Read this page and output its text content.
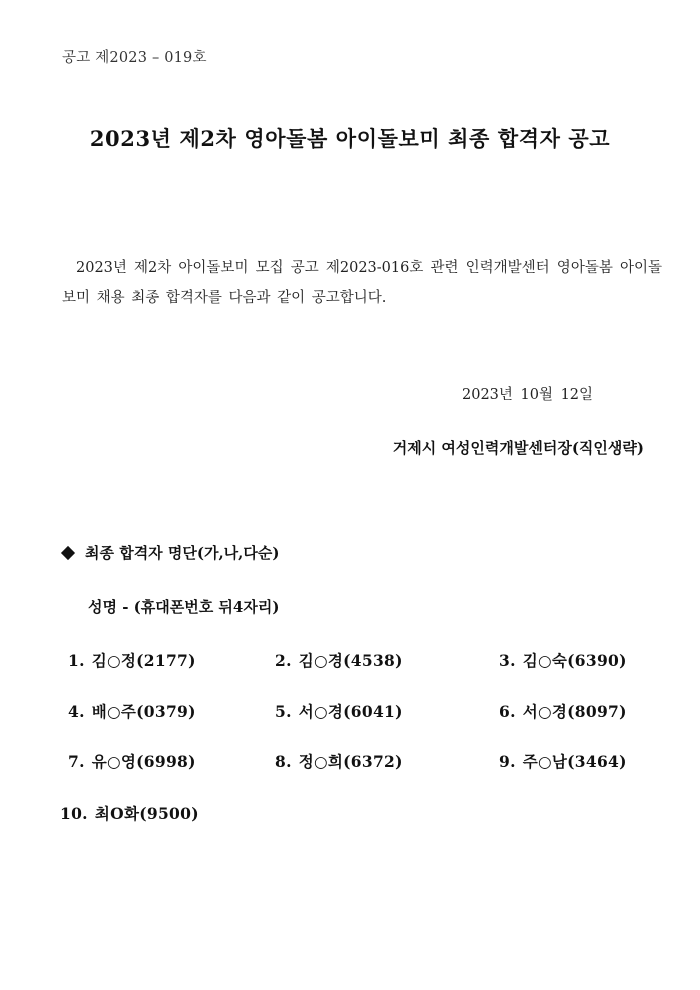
공고 제2023 – 019호
2023년 제2차 영아돌봄 아이돌보미 최종 합격자 공고
2023년 제2차 아이돌보미 모집 공고 제2023-016호 관련 인력개발센터 영아돌봄 아이돌보미 채용 최종 합격자를 다음과 같이 공고합니다.
2023년 10월 12일
거제시 여성인력개발센터장(직인생략)
최종 합격자 명단(가,나,다순)
성명 - (휴대폰번호 뒤4자리)
1. 김○정(2177)	2. 김○경(4538)	3. 김○숙(6390)
4. 배○주(0379)	5. 서○경(6041)	6. 서○경(8097)
7. 유○영(6998)	8. 정○희(6372)	9. 주○남(3464)
10. 최O화(9500)
